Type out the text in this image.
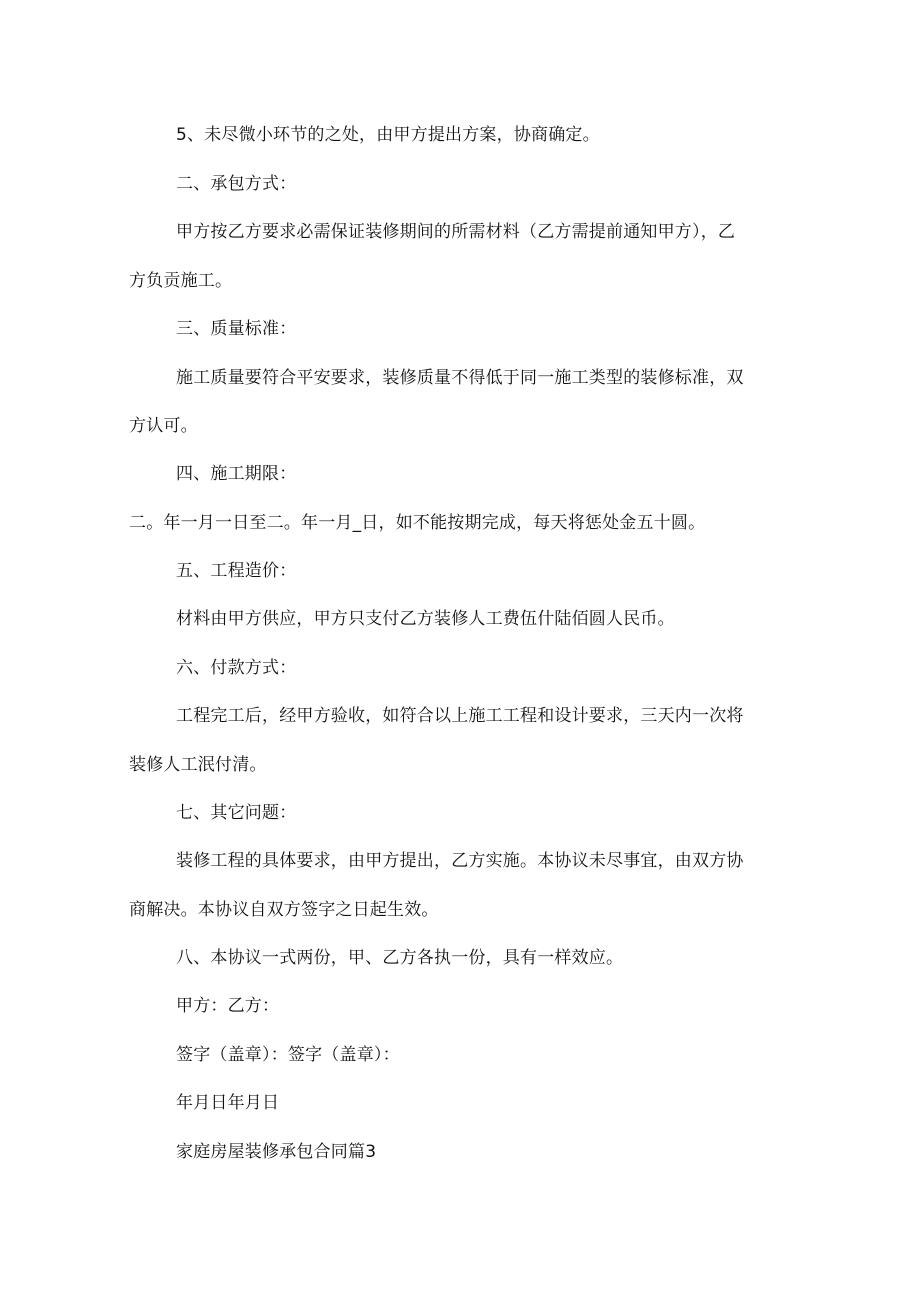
5、未尽微小环节的之处，由甲方提出方案，协商确定。

二、承包方式：

甲方按乙方要求必需保证装修期间的所需材料（乙方需提前通知甲方），乙

方负贡施工。

三、质量标准：

施工质量要符合平安要求，装修质量不得低于同一施工类型的装修标准，双

方认可。

四、施工期限：

二。年一月一日至二。年一月_日，如不能按期完成，每天将惩处金五十圆。

五、工程造价：

材料由甲方供应，甲方只支付乙方装修人工费伍什陆佰圆人民币。

六、付款方式：

工程完工后，经甲方验收，如符合以上施工工程和设计要求，三天内一次将

装修人工泯付清。

七、其它问题：

装修工程的具体要求，由甲方提出，乙方实施。本协议未尽事宜，由双方协

商解决。本协议自双方签字之日起生效。

八、本协议一式两份，甲、乙方各执一份，具有一样效应。

甲方：乙方：

签字（盖章）：签字（盖章）：

年月日年月日

家庭房屋装修承包合同篇3
